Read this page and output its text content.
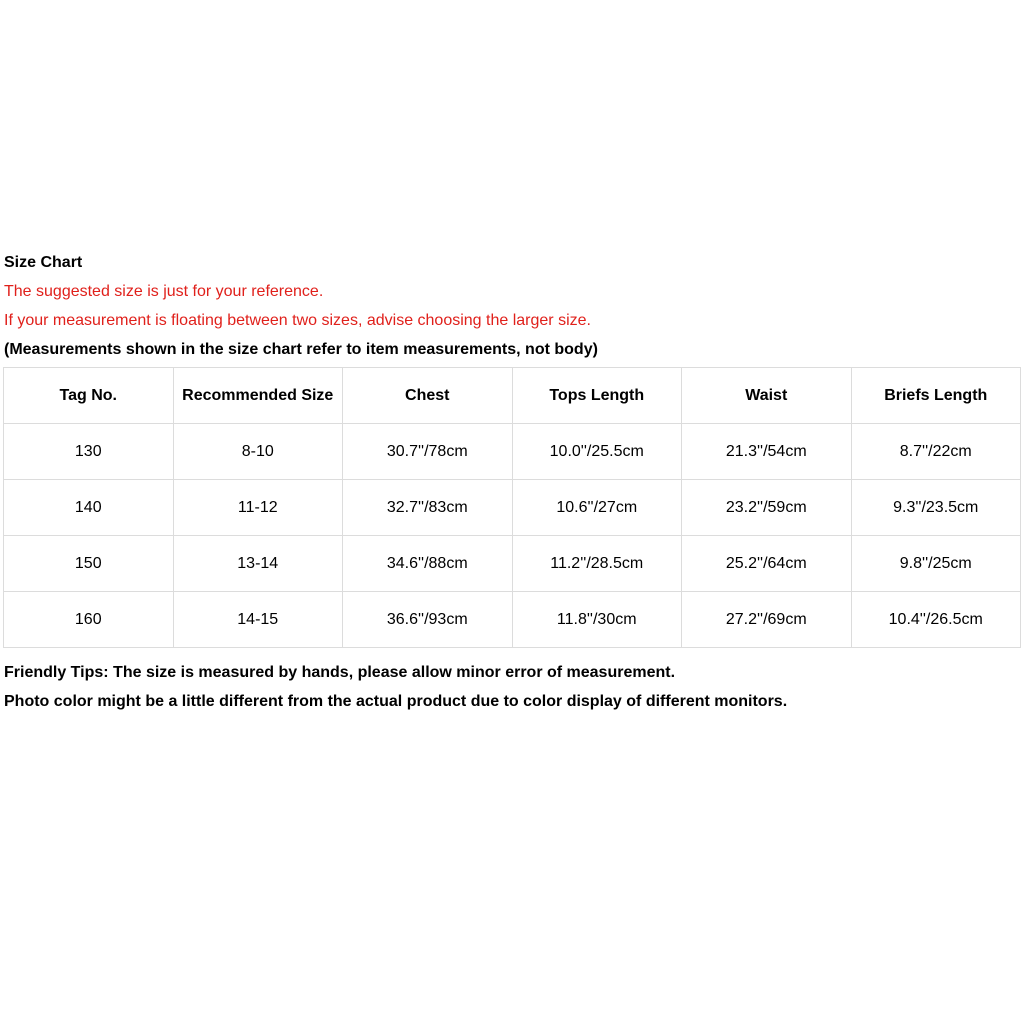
Size Chart
The suggested size is just for your reference.
If your measurement is floating between two sizes, advise choosing the larger size.
(Measurements shown in the size chart refer to item measurements, not body)
Tag No.	Recommended Size	Chest	Tops Length	Waist	Briefs Length
130	8-10	30.7''/78cm	10.0''/25.5cm	21.3''/54cm	8.7''/22cm
140	11-12	32.7''/83cm	10.6''/27cm	23.2''/59cm	9.3''/23.5cm
150	13-14	34.6''/88cm	11.2''/28.5cm	25.2''/64cm	9.8''/25cm
160	14-15	36.6''/93cm	11.8''/30cm	27.2''/69cm	10.4''/26.5cm
Friendly Tips: The size is measured by hands, please allow minor error of measurement.
Photo color might be a little different from the actual product due to color display of different monitors.
